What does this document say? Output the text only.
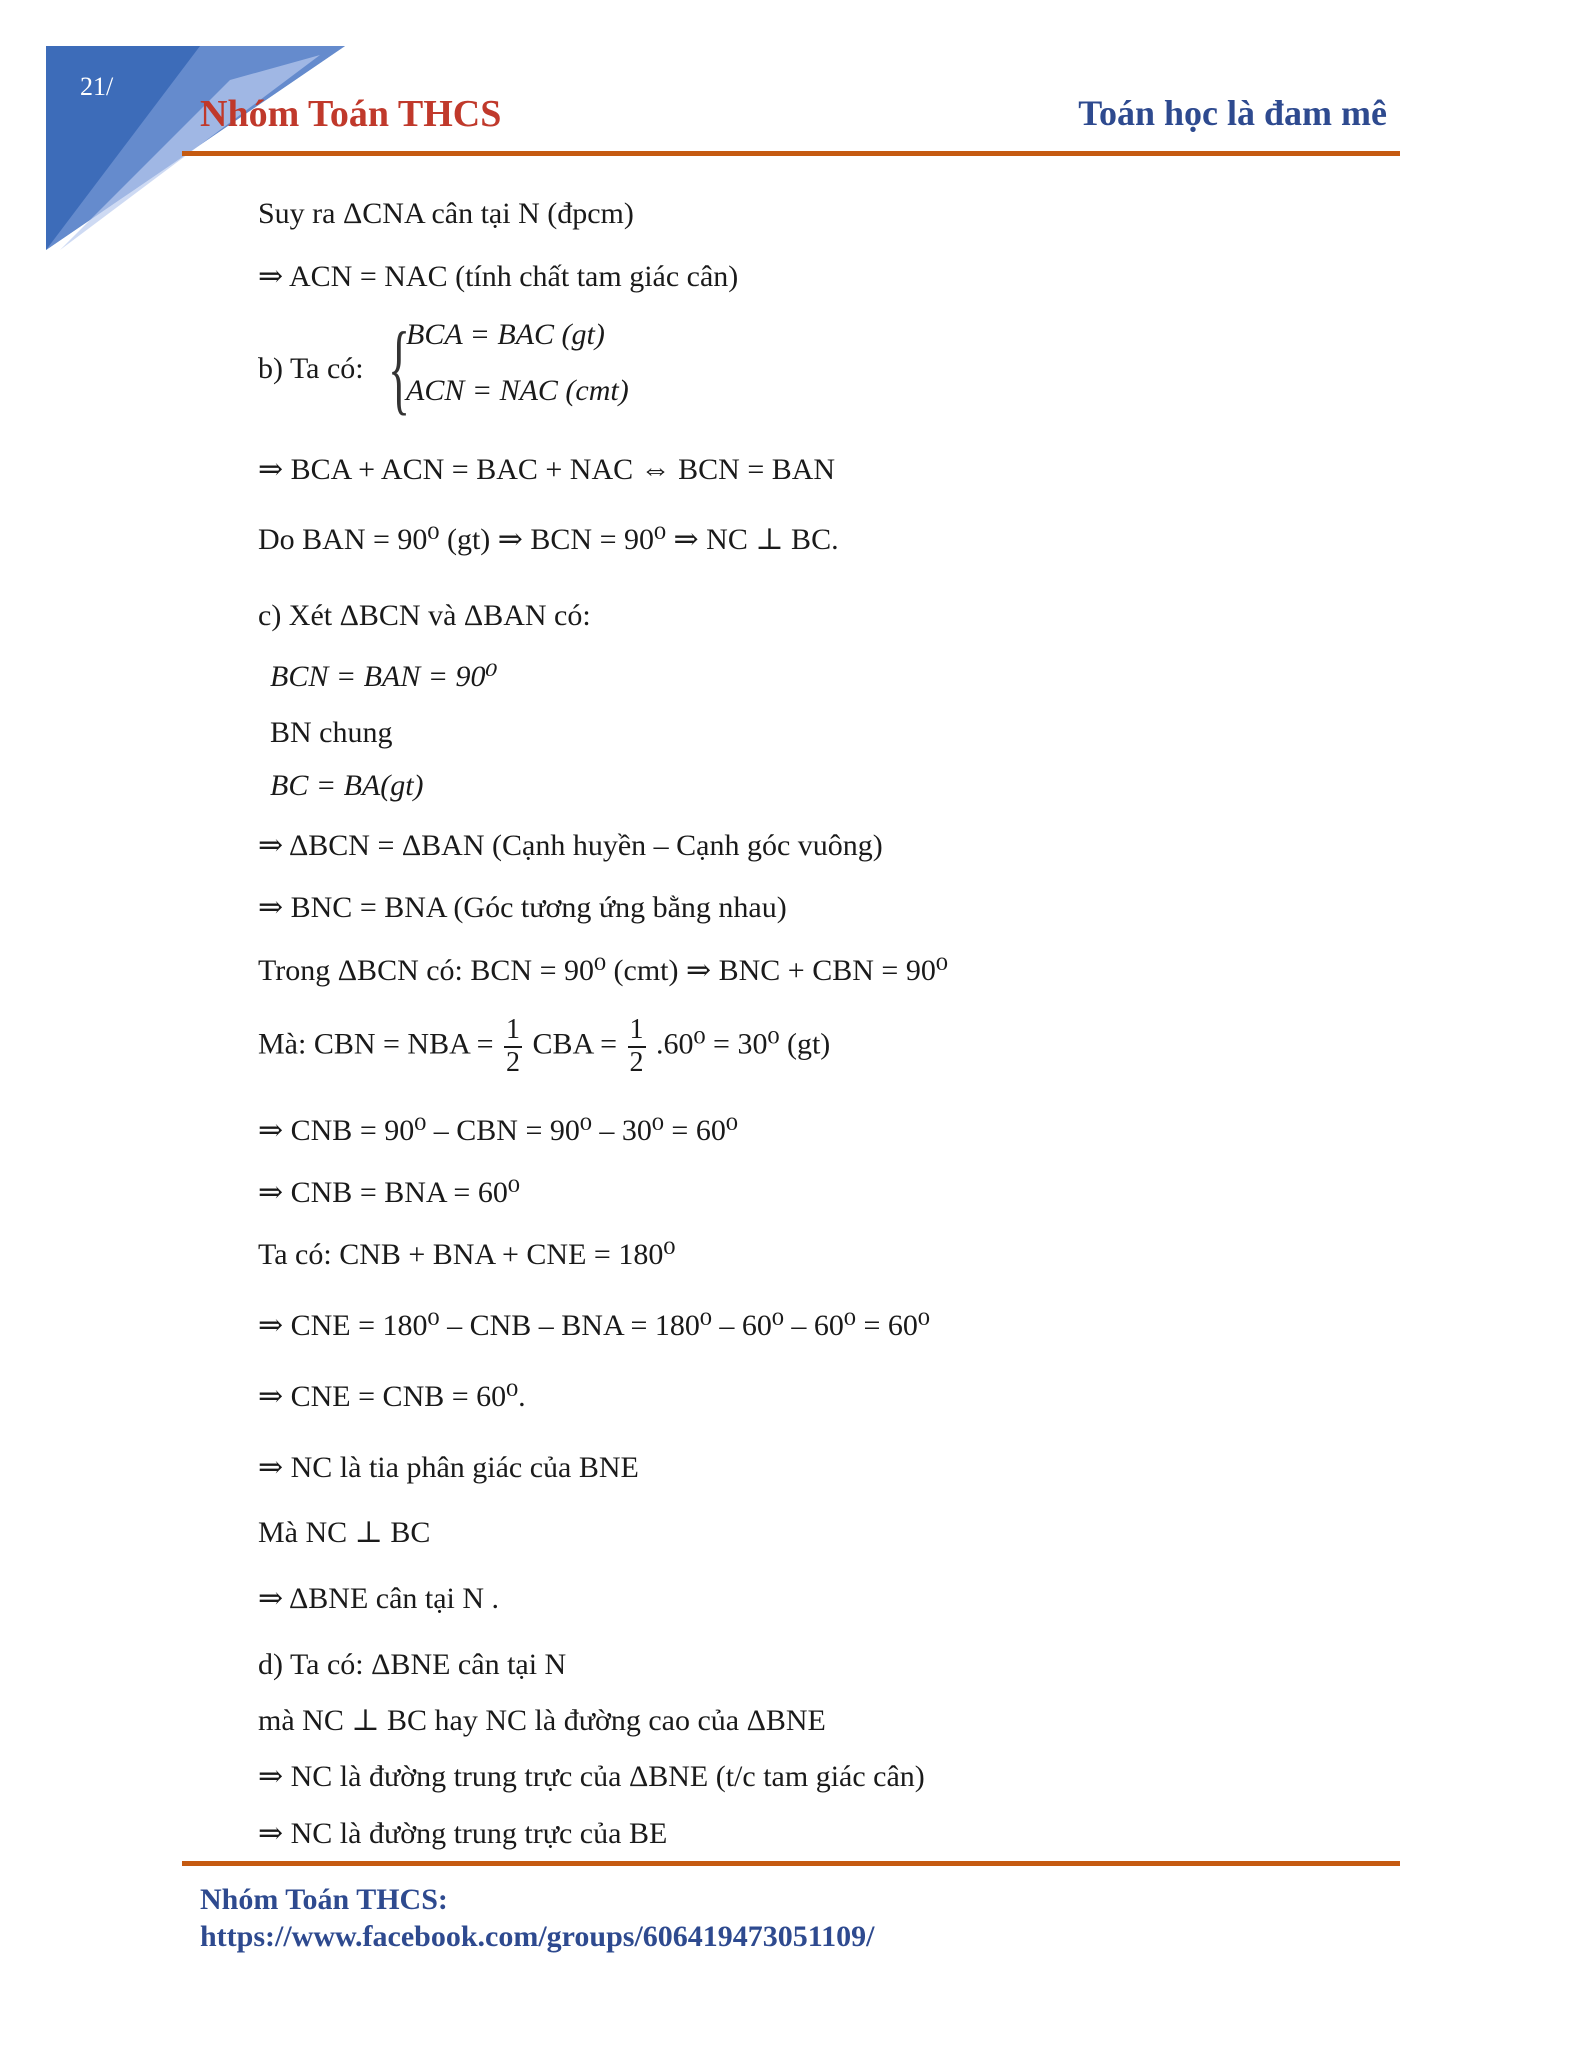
21/
Nhóm Toán THCS	Toán học là đam mê
Suy ra ΔCNA cân tại N (đpcm)
⇒ ACN = NAC (tính chất tam giác cân)
b) Ta có: {
BCA = BAC (gt)
ACN = NAC (cmt)
⇒ BCA + ACN = BAC + NAC ⇔ BCN = BAN
Do BAN = 90⁰ (gt) ⇒ BCN = 90⁰ ⇒ NC ⊥ BC.
c) Xét ΔBCN và ΔBAN có:
BCN = BAN = 90⁰
BN chung
BC = BA(gt)
⇒ ΔBCN = ΔBAN (Cạnh huyền – Cạnh góc vuông)
⇒ BNC = BNA (Góc tương ứng bằng nhau)
Trong ΔBCN có: BCN = 90⁰ (cmt) ⇒ BNC + CBN = 90⁰
Mà: CBN = NBA = $\frac{1}{2}$ CBA = $\frac{1}{2} .60^0 = 30^0$ (gt)
⇒ CNB = 90⁰ – CBN = 90⁰ – 30⁰ = 60⁰
⇒ CNB = BNA = 60⁰
Ta có: CNB + BNA + CNE = 180⁰
⇒ CNE = 180⁰ – CNB – BNA = 180⁰ – 60⁰ – 60⁰ = 60⁰
⇒ CNE = CNB = 60⁰.
⇒ NC là tia phân giác của BNE
Mà NC ⊥ BC
⇒ ΔBNE cân tại N .
d) Ta có: ΔBNE cân tại N
mà NC ⊥ BC hay NC là đường cao của ΔBNE
⇒ NC là đường trung trực của ΔBNE (t/c tam giác cân)
⇒ NC là đường trung trực của BE
Nhóm Toán THCS:
https://www.facebook.com/groups/606419473051109/
